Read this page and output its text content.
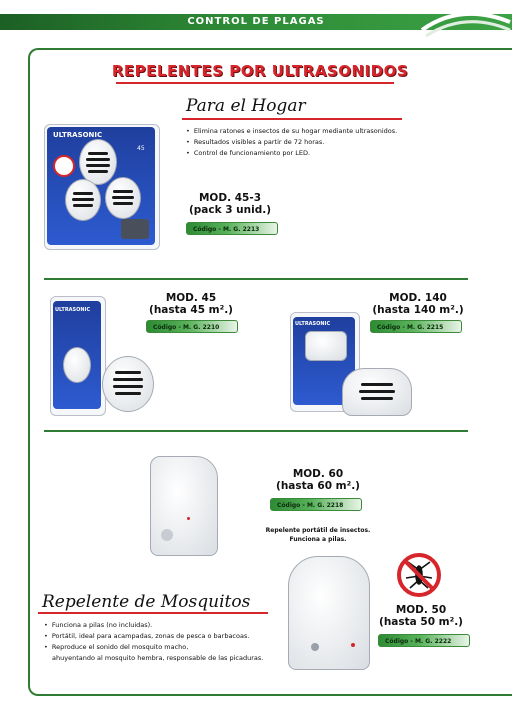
CONTROL DE PLAGAS
REPELENTES POR ULTRASONIDOS
ULTRASONIC
45
Para el Hogar
• Elimina ratones e insectos de su hogar mediante ultrasonidos.
• Resultados visibles a partir de 72 horas.
• Control de funcionamiento por LED.
MOD. 45-3
(pack 3 unid.)
Código - M. G. 2213
ULTRASONIC
MOD. 45
(hasta 45 m².)
Código - M. G. 2210	ULTRASONIC
MOD. 140
(hasta 140 m².)
Código - M. G. 2215
MOD. 60
(hasta 60 m².)
Código - M. G. 2218
Repelente portátil de insectos.
Funciona a pilas.
Repelente de Mosquitos
• Funciona a pilas (no incluidas).
• Portátil, ideal para acampadas, zonas de pesca o barbacoas.
• Reproduce el sonido del mosquito macho,
ahuyentando al mosquito hembra, responsable de las picaduras.
MOD. 50
(hasta 50 m².)
Código - M. G. 2222
